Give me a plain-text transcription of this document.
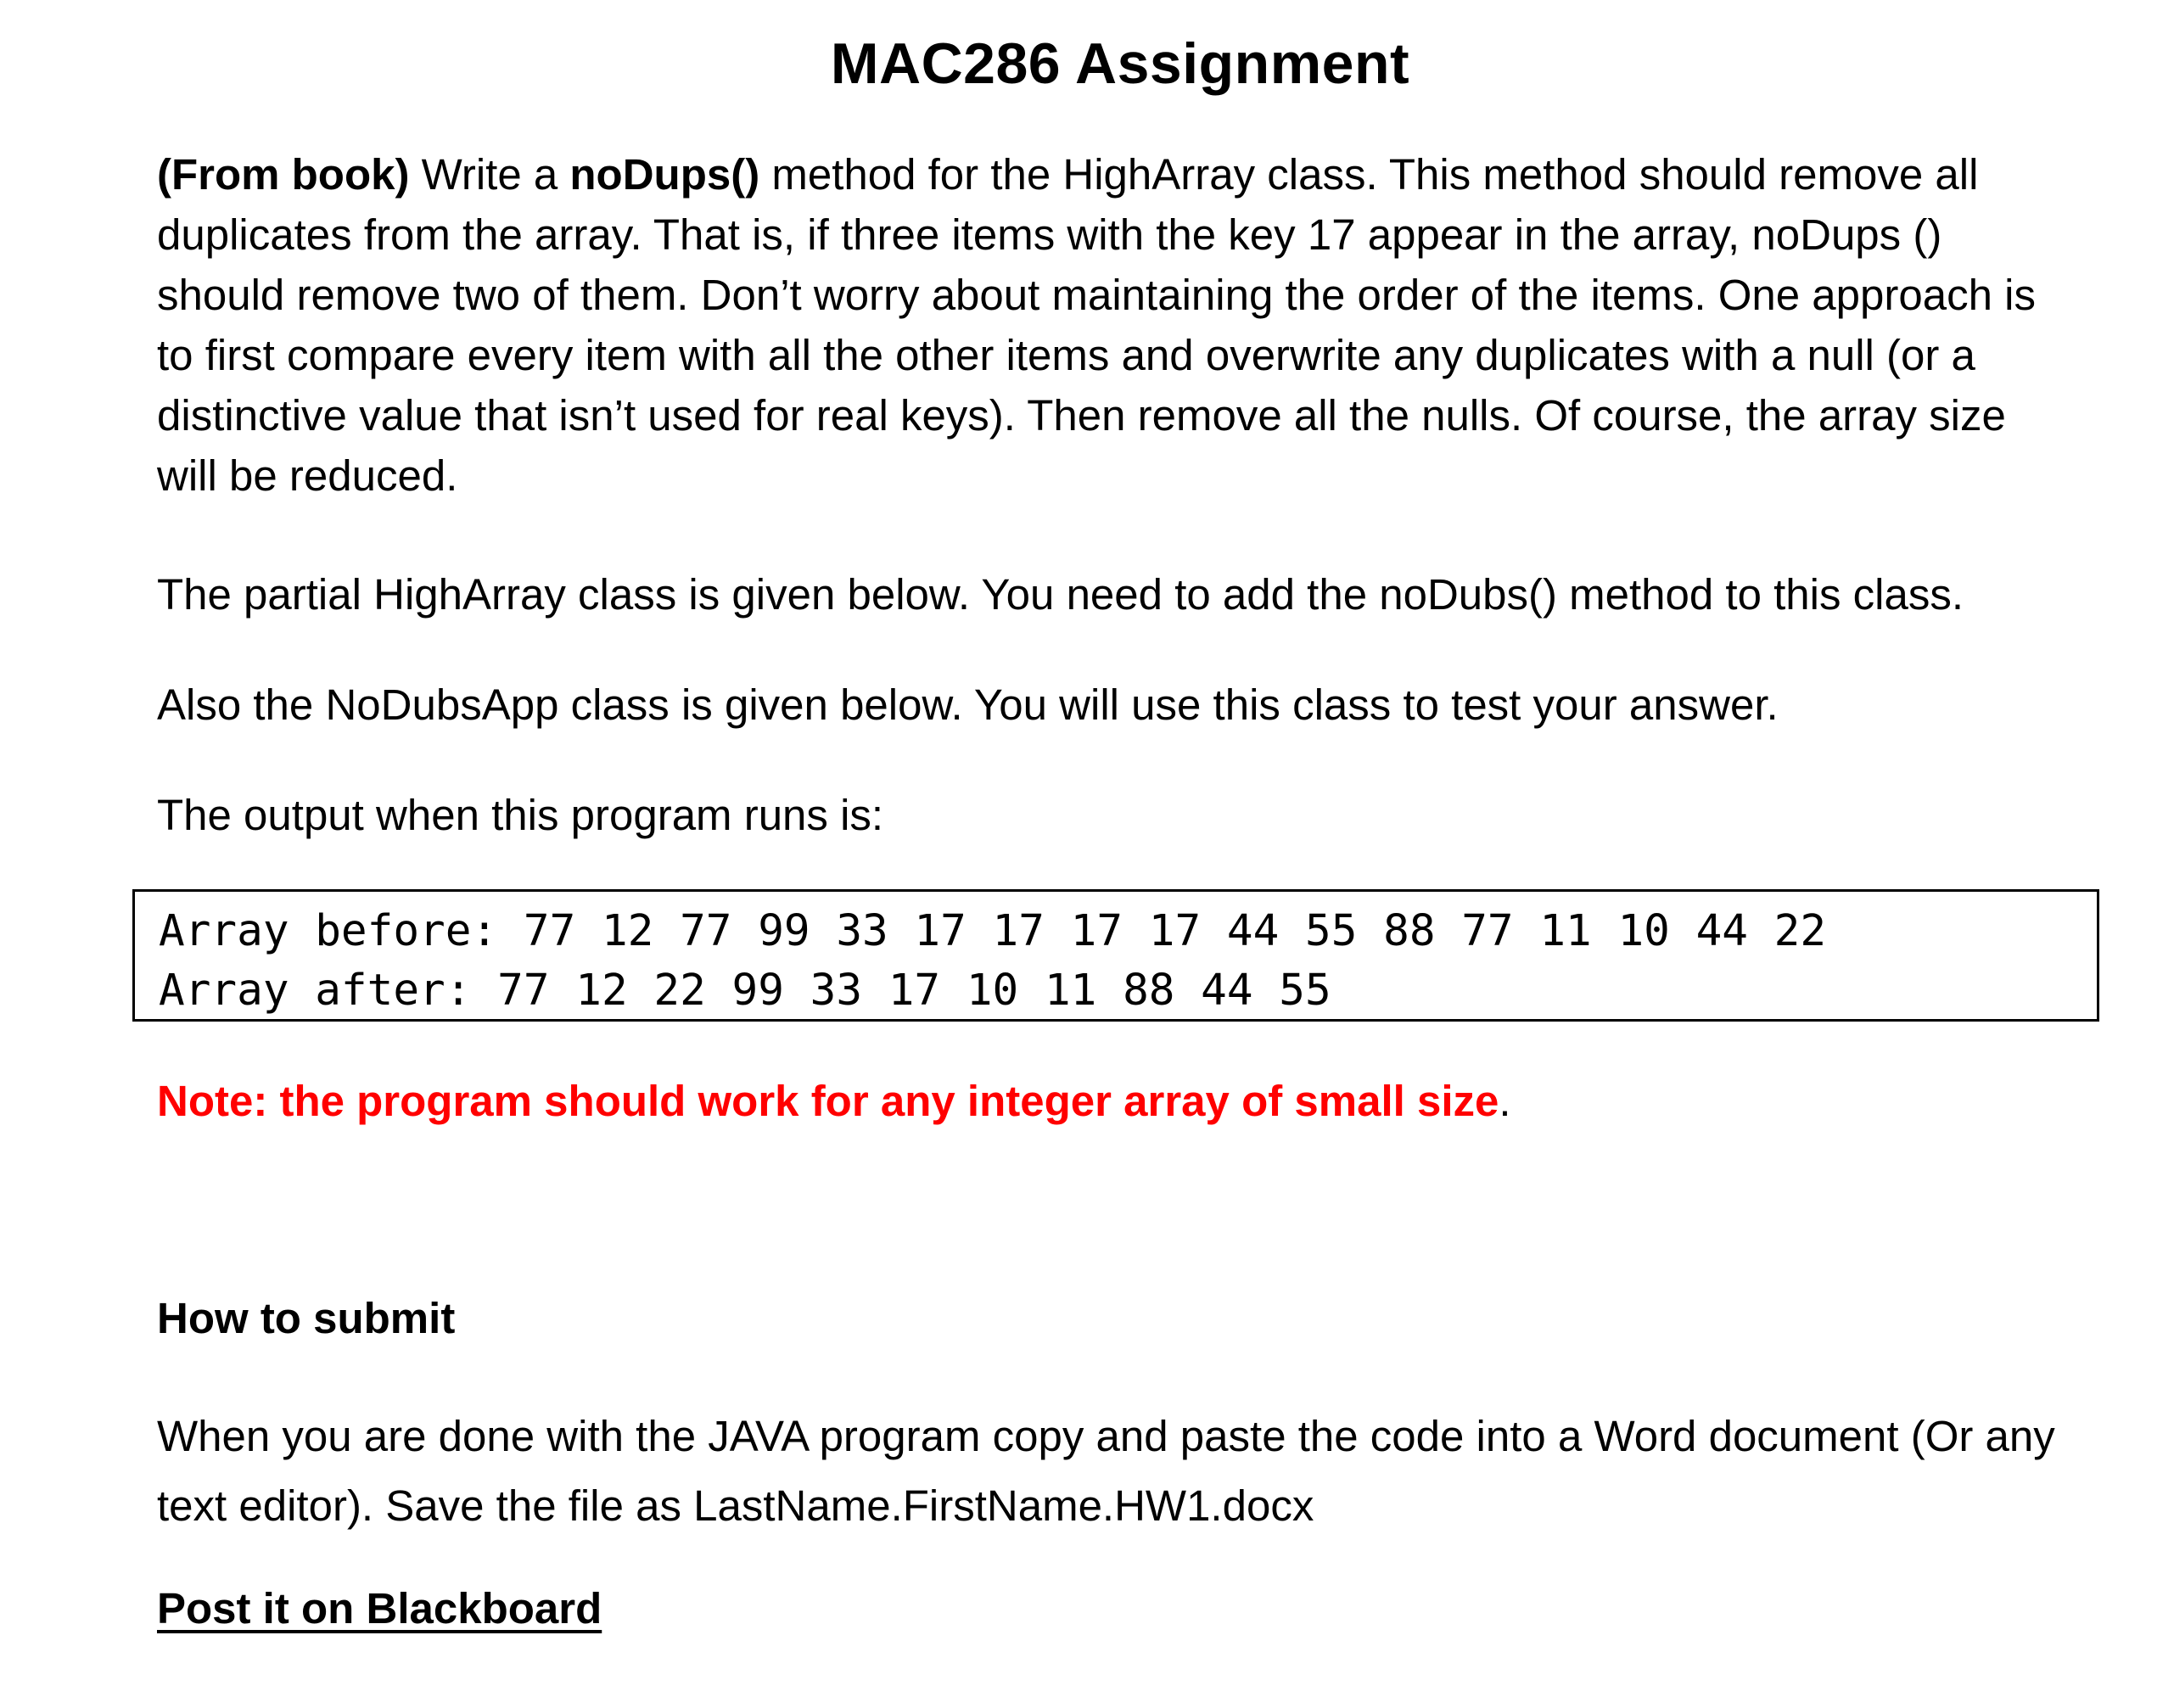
MAC286 Assignment
(From book) Write a noDups() method for the HighArray class. This method should remove all duplicates from the array. That is, if three items with the key 17 appear in the array, noDups () should remove two of them. Don’t worry about maintaining the order of the items. One approach is to first compare every item with all the other items and overwrite any duplicates with a null (or a distinctive value that isn’t used for real keys). Then remove all the nulls. Of course, the array size will be reduced.
The partial HighArray class is given below. You need to add the noDubs() method to this class.
Also the NoDubsApp class is given below. You will use this class to test your answer.
The output when this program runs is:
Array before: 77 12 77 99 33 17 17 17 17 44 55 88 77 11 10 44 22
Array after: 77 12 22 99 33 17 10 11 88 44 55
Note: the program should work for any integer array of small size.
How to submit
When you are done with the JAVA program copy and paste the code into a Word document (Or any text editor). Save the file as LastName.FirstName.HW1.docx
Post it on Blackboard
